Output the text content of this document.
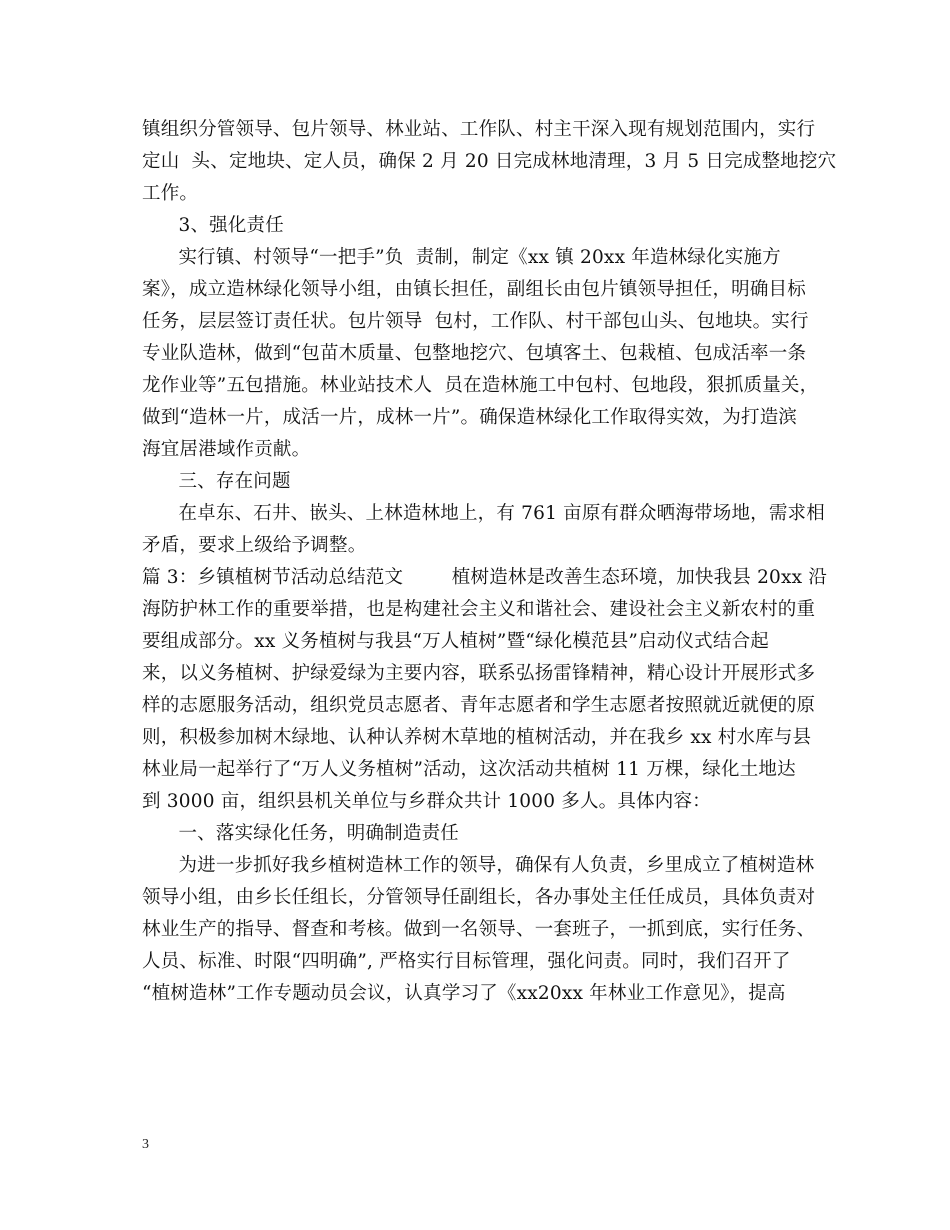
镇组织分管领导、包片领导、林业站、工作队、村主干深入现有规划范围内，实行
定山  头、定地块、定人员，确保 2 月 20 日完成林地清理，3 月 5 日完成整地挖穴
工作。
3、强化责任
实行镇、村领导“一把手”负  责制，制定《xx 镇 20xx 年造林绿化实施方
案》，成立造林绿化领导小组，由镇长担任，副组长由包片镇领导担任，明确目标
任务，层层签订责任状。包片领导  包村，工作队、村干部包山头、包地块。实行
专业队造林，做到“包苗木质量、包整地挖穴、包填客土、包栽植、包成活率一条
龙作业等”五包措施。林业站技术人  员在造林施工中包村、包地段，狠抓质量关，
做到“造林一片，成活一片，成林一片”。确保造林绿化工作取得实效，为打造滨
海宜居港域作贡献。
三、存在问题
在卓东、石井、嵌头、上林造林地上，有 761 亩原有群众晒海带场地，需求相
矛盾，要求上级给予调整。
篇 3：乡镇植树节活动总结范文        植树造林是改善生态环境，加快我县 20xx 沿
海防护林工作的重要举措，也是构建社会主义和谐社会、建设社会主义新农村的重
要组成部分。xx 义务植树与我县“万人植树”暨“绿化模范县”启动仪式结合起
来，以义务植树、护绿爱绿为主要内容，联系弘扬雷锋精神，精心设计开展形式多
样的志愿服务活动，组织党员志愿者、青年志愿者和学生志愿者按照就近就便的原
则，积极参加树木绿地、认种认养树木草地的植树活动，并在我乡 xx 村水库与县
林业局一起举行了“万人义务植树”活动，这次活动共植树 11 万棵，绿化土地达
到 3000 亩，组织县机关单位与乡群众共计 1000 多人。具体内容：
一、落实绿化任务，明确制造责任
为进一步抓好我乡植树造林工作的领导，确保有人负责，乡里成立了植树造林
领导小组，由乡长任组长，分管领导任副组长，各办事处主任任成员，具体负责对
林业生产的指导、督查和考核。做到一名领导、一套班子，一抓到底，实行任务、
人员、标准、时限“四明确”, 严格实行目标管理，强化问责。同时，我们召开了
“植树造林”工作专题动员会议，认真学习了《xx20xx 年林业工作意见》，提高
3
